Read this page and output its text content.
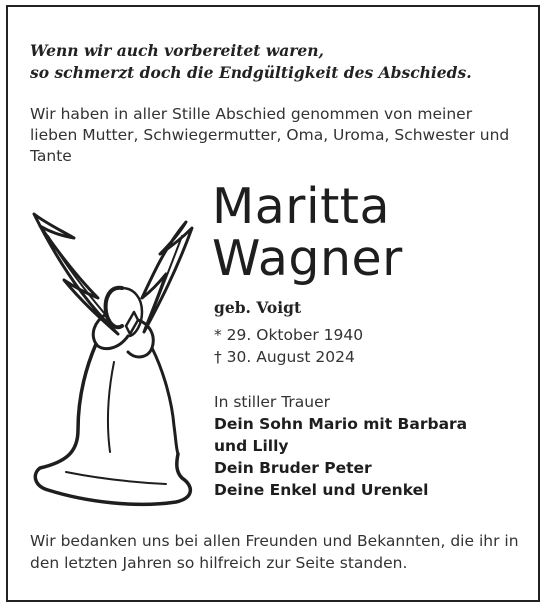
Wenn wir auch vorbereitet waren,
so schmerzt doch die Endgültigkeit des Abschieds.

Wir haben in aller Stille Abschied genommen von meiner lieben Mutter, Schwiegermutter, Oma, Uroma, Schwester und Tante

Maritta
Wagner
geb. Voigt
* 29. Oktober 1940
† 30. August 2024
In stiller Trauer
Dein Sohn Mario mit Barbara
und Lilly
Dein Bruder Peter
Deine Enkel und Urenkel

Wir bedanken uns bei allen Freunden und Bekannten, die ihr in den letzten Jahren so hilfreich zur Seite standen.
